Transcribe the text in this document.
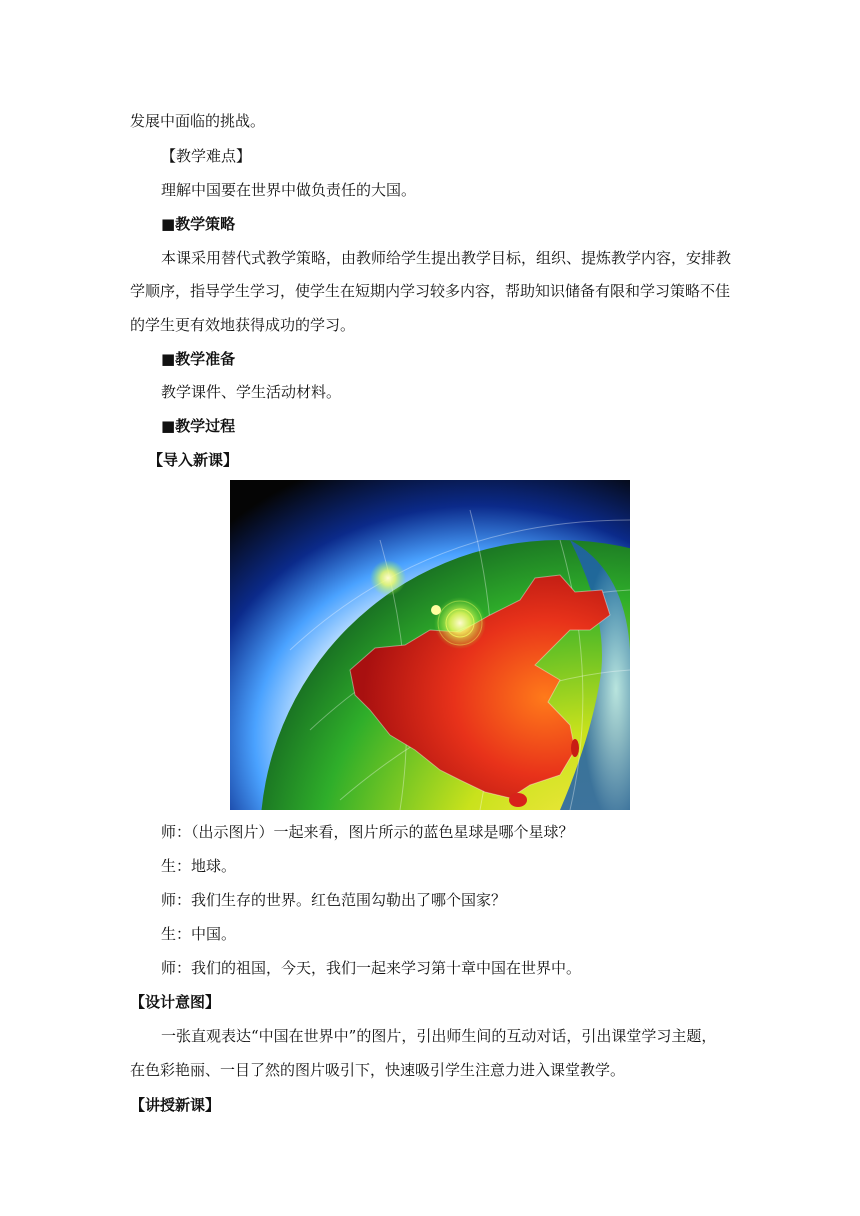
发展中面临的挑战。
【教学难点】
理解中国要在世界中做负责任的大国。
■教学策略
本课采用替代式教学策略，由教师给学生提出教学目标，组织、提炼教学内容，安排教
学顺序，指导学生学习，使学生在短期内学习较多内容，帮助知识储备有限和学习策略不佳
的学生更有效地获得成功的学习。
■教学准备
教学课件、学生活动材料。
■教学过程
【导入新课】
师：（出示图片）一起来看，图片所示的蓝色星球是哪个星球？
生：地球。
师：我们生存的世界。红色范围勾勒出了哪个国家？
生：中国。
师：我们的祖国，今天，我们一起来学习第十章中国在世界中。
【设计意图】
一张直观表达“中国在世界中”的图片，引出师生间的互动对话，引出课堂学习主题，
在色彩艳丽、一目了然的图片吸引下，快速吸引学生注意力进入课堂教学。
【讲授新课】
